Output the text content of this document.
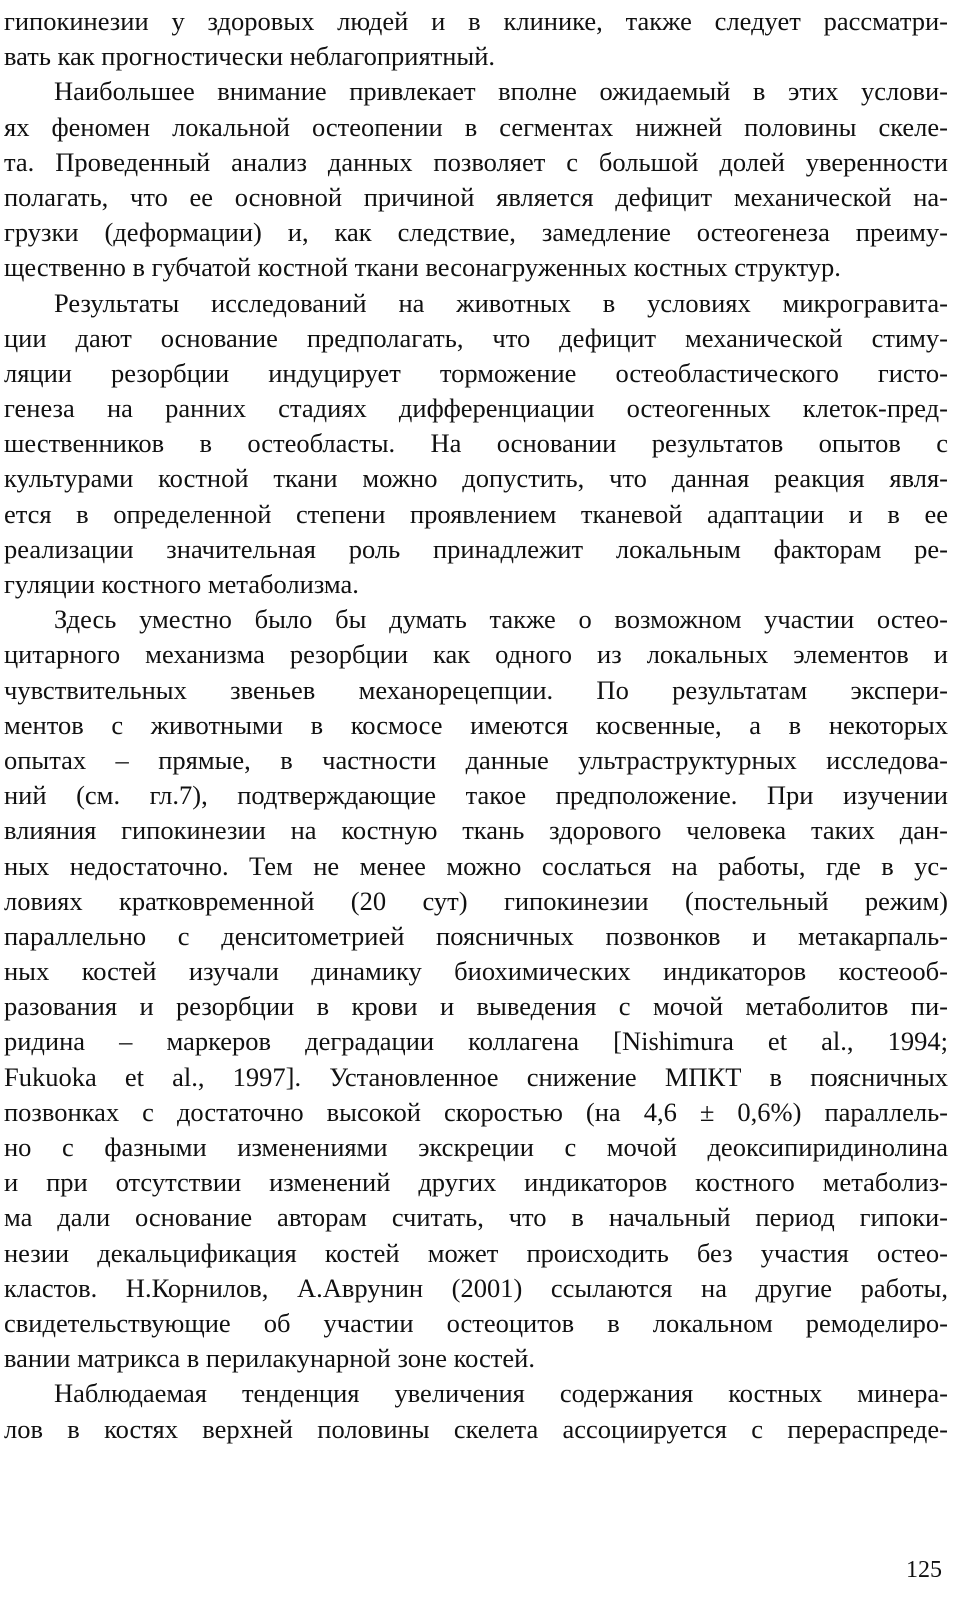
гипокинезии у здоровых людей и в клинике, также следует рассматри-
вать как прогностически неблагоприятный.
Наибольшее внимание привлекает вполне ожидаемый в этих услови-
ях феномен локальной остеопении в сегментах нижней половины скеле-
та. Проведенный анализ данных позволяет с большой долей уверенности
полагать, что ее основной причиной является дефицит механической на-
грузки (деформации) и, как следствие, замедление остеогенеза преиму-
щественно в губчатой костной ткани весонагруженных костных структур.
Результаты исследований на животных в условиях микрогравита-
ции дают основание предполагать, что дефицит механической стиму-
ляции резорбции индуцирует торможение остеобластического гисто-
генеза на ранних стадиях дифференциации остеогенных клеток-пред-
шественников в остеобласты. На основании результатов опытов с
культурами костной ткани можно допустить, что данная реакция явля-
ется в определенной степени проявлением тканевой адаптации и в ее
реализации значительная роль принадлежит локальным факторам ре-
гуляции костного метаболизма.
Здесь уместно было бы думать также о возможном участии остео-
цитарного механизма резорбции как одного из локальных элементов и
чувствительных звеньев механорецепции. По результатам экспери-
ментов с животными в космосе имеются косвенные, а в некоторых
опытах – прямые, в частности данные ультраструктурных исследова-
ний (см. гл.7), подтверждающие такое предположение. При изучении
влияния гипокинезии на костную ткань здорового человека таких дан-
ных недостаточно. Тем не менее можно сослаться на работы, где в ус-
ловиях кратковременной (20 сут) гипокинезии (постельный режим)
параллельно с денситометрией поясничных позвонков и метакарпаль-
ных костей изучали динамику биохимических индикаторов костеооб-
разования и резорбции в крови и выведения с мочой метаболитов пи-
ридина – маркеров деградации коллагена [Nishimura et al., 1994;
Fukuoka et al., 1997]. Установленное снижение МПКТ в поясничных
позвонках с достаточно высокой скоростью (на 4,6 ± 0,6%) параллель-
но с фазными изменениями экскреции с мочой деоксипиридинолина
и при отсутствии изменений других индикаторов костного метаболиз-
ма дали основание авторам считать, что в начальный период гипоки-
незии декальцификация костей может происходить без участия остео-
кластов. Н.Корнилов, А.Аврунин (2001) ссылаются на другие работы,
свидетельствующие об участии остеоцитов в локальном ремоделиро-
вании матрикса в перилакунарной зоне костей.
Наблюдаемая тенденция увеличения содержания костных минера-
лов в костях верхней половины скелета ассоциируется с перераспреде-
125
